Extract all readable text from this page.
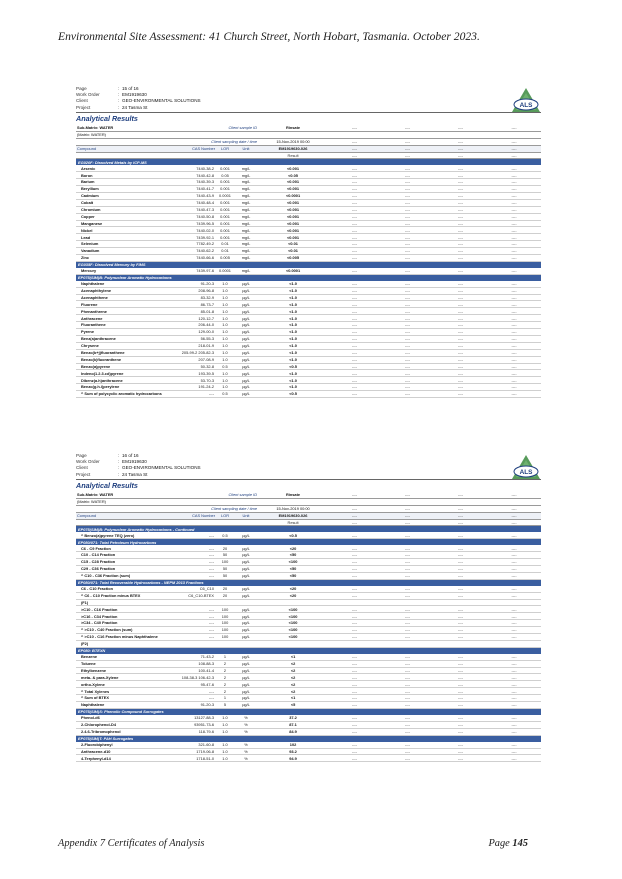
Environmental Site Assessment: 41 Church Street, North Hobart, Tasmania. October 2023.
Page	: 15 of 16
Work Order	: EM1919630
Client	: GEO-ENVIRONMENTAL SOLUTIONS
Project	: 24 Tasma St
Analytical Results
ALS
Sub-Matrix: WATER	Client sample ID			Rinsate	----	----	----	----
(Matrix: WATER)								
	Client sampling date / time			15-Nov-2019 00:00	----	----	----	----
Compound	CAS Number	LOR	Unit	EM1919630-026	----	----	----	----
				Result	----	----	----	----
EG020F: Dissolved Metals by ICP-MS								
Arsenic	7440-38-2	0.001	mg/L	<0.001	----	----	----	----
Boron	7440-42-8	0.05	mg/L	<0.05	----	----	----	----
Barium	7440-39-3	0.001	mg/L	<0.001	----	----	----	----
Beryllium	7440-41-7	0.001	mg/L	<0.001	----	----	----	----
Cadmium	7440-43-9	0.0001	mg/L	<0.0001	----	----	----	----
Cobalt	7440-48-4	0.001	mg/L	<0.001	----	----	----	----
Chromium	7440-47-3	0.001	mg/L	<0.001	----	----	----	----
Copper	7440-50-8	0.001	mg/L	<0.001	----	----	----	----
Manganese	7439-96-5	0.001	mg/L	<0.001	----	----	----	----
Nickel	7440-02-0	0.001	mg/L	<0.001	----	----	----	----
Lead	7439-92-1	0.001	mg/L	<0.001	----	----	----	----
Selenium	7782-49-2	0.01	mg/L	<0.01	----	----	----	----
Vanadium	7440-62-2	0.01	mg/L	<0.01	----	----	----	----
Zinc	7440-66-6	0.005	mg/L	<0.005	----	----	----	----
EG035F: Dissolved Mercury by FIMS								
Mercury	7439-97-6	0.0001	mg/L	<0.0001	----	----	----	----
EP075(SIM)B: Polynuclear Aromatic Hydrocarbons								
Naphthalene	91-20-3	1.0	µg/L	<1.0	----	----	----	----
Acenaphthylene	208-96-8	1.0	µg/L	<1.0	----	----	----	----
Acenaphthene	83-32-9	1.0	µg/L	<1.0	----	----	----	----
Fluorene	86-73-7	1.0	µg/L	<1.0	----	----	----	----
Phenanthrene	85-01-8	1.0	µg/L	<1.0	----	----	----	----
Anthracene	120-12-7	1.0	µg/L	<1.0	----	----	----	----
Fluoranthene	206-44-0	1.0	µg/L	<1.0	----	----	----	----
Pyrene	129-00-0	1.0	µg/L	<1.0	----	----	----	----
Benz(a)anthracene	56-55-3	1.0	µg/L	<1.0	----	----	----	----
Chrysene	218-01-9	1.0	µg/L	<1.0	----	----	----	----
Benzo(b+j)fluoranthene	205-99-2 205-82-3	1.0	µg/L	<1.0	----	----	----	----
Benzo(k)fluoranthene	207-08-9	1.0	µg/L	<1.0	----	----	----	----
Benzo(a)pyrene	50-32-8	0.5	µg/L	<0.5	----	----	----	----
Indeno(1.2.3.cd)pyrene	193-39-5	1.0	µg/L	<1.0	----	----	----	----
Dibenz(a.h)anthracene	53-70-3	1.0	µg/L	<1.0	----	----	----	----
Benzo(g.h.i)perylene	191-24-2	1.0	µg/L	<1.0	----	----	----	----
^ Sum of polycyclic aromatic hydrocarbons	----	0.5	µg/L	<0.5	----	----	----	----
Page	: 16 of 16
Work Order	: EM1919630
Client	: GEO-ENVIRONMENTAL SOLUTIONS
Project	: 24 Tasma St
Analytical Results
ALS
Sub-Matrix: WATER	Client sample ID			Rinsate	----	----	----	----
(Matrix: WATER)								
	Client sampling date / time			15-Nov-2019 00:00	----	----	----	----
Compound	CAS Number	LOR	Unit	EM1919630-026	----	----	----	----
				Result	----	----	----	----
EP075(SIM)B: Polynuclear Aromatic Hydrocarbons - Continued								
^ Benzo(a)pyrene TEQ (zero)	----	0.5	µg/L	<0.5	----	----	----	----
EP080/071: Total Petroleum Hydrocarbons								
C6 - C9 Fraction	----	20	µg/L	<20	----	----	----	----
C10 - C14 Fraction	----	50	µg/L	<50	----	----	----	----
C15 - C28 Fraction	----	100	µg/L	<100	----	----	----	----
C29 - C36 Fraction	----	50	µg/L	<50	----	----	----	----
^ C10 - C36 Fraction (sum)	----	50	µg/L	<50	----	----	----	----
EP080/071: Total Recoverable Hydrocarbons - NEPM 2013 Fractions								
C6 - C10 Fraction	C6_C10	20	µg/L	<20	----	----	----	----
^ C6 - C10 Fraction minus BTEX	C6_C10-BTEX	20	µg/L	<20	----	----	----	----
(F1)								
>C10 - C16 Fraction	----	100	µg/L	<100	----	----	----	----
>C16 - C34 Fraction	----	100	µg/L	<100	----	----	----	----
>C34 - C40 Fraction	----	100	µg/L	<100	----	----	----	----
^ >C10 - C40 Fraction (sum)	----	100	µg/L	<100	----	----	----	----
^ >C10 - C16 Fraction minus Naphthalene	----	100	µg/L	<100	----	----	----	----
(F2)								
EP080: BTEXN								
Benzene	71-43-2	1	µg/L	<1	----	----	----	----
Toluene	108-88-3	2	µg/L	<2	----	----	----	----
Ethylbenzene	100-41-4	2	µg/L	<2	----	----	----	----
meta- & para-Xylene	108-38-3 106-42-3	2	µg/L	<2	----	----	----	----
ortho-Xylene	95-47-6	2	µg/L	<2	----	----	----	----
^ Total Xylenes	----	2	µg/L	<2	----	----	----	----
^ Sum of BTEX	----	1	µg/L	<1	----	----	----	----
Naphthalene	91-20-3	5	µg/L	<5	----	----	----	----
EP075(SIM)S: Phenolic Compound Surrogates								
Phenol-d6	13127-88-3	1.0	%	37.2	----	----	----	----
2-Chlorophenol-D4	93951-73-6	1.0	%	87.1	----	----	----	----
2.4.6-Tribromophenol	118-79-6	1.0	%	84.9	----	----	----	----
EP075(SIM)T: PAH Surrogates								
2-Fluorobiphenyl	321-60-8	1.0	%	102	----	----	----	----
Anthracene-d10	1719-06-8	1.0	%	93.2	----	----	----	----
4-Terphenyl-d14	1718-51-0	1.0	%	94.9	----	----	----	----
Appendix 7 Certificates of Analysis	Page 145
